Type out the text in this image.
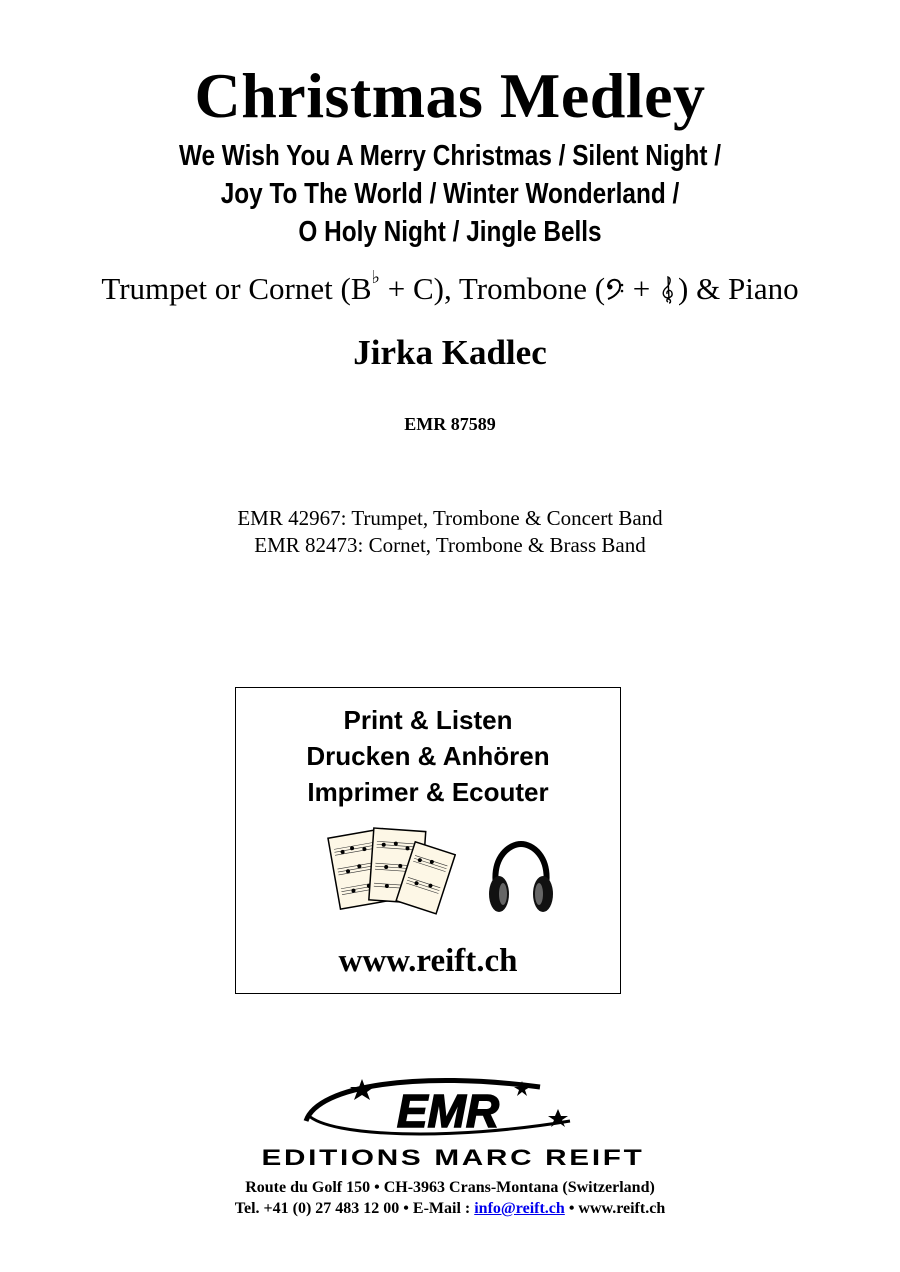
Christmas Medley
We Wish You A Merry Christmas / Silent Night /
Joy To The World / Winter Wonderland /
O Holy Night / Jingle Bells
Trumpet or Cornet (B♭ + C), Trombone ( + ) & Piano
Jirka Kadlec
EMR 87589
EMR 42967: Trumpet, Trombone & Concert Band
EMR 82473: Cornet, Trombone & Brass Band
Print & Listen
Drucken & Anhören
Imprimer & Ecouter
www.reift.ch
EMR
EDITIONS MARC REIFT
Route du Golf 150 • CH-3963 Crans-Montana (Switzerland)
Tel. +41 (0) 27 483 12 00 • E-Mail : info@reift.ch • www.reift.ch
